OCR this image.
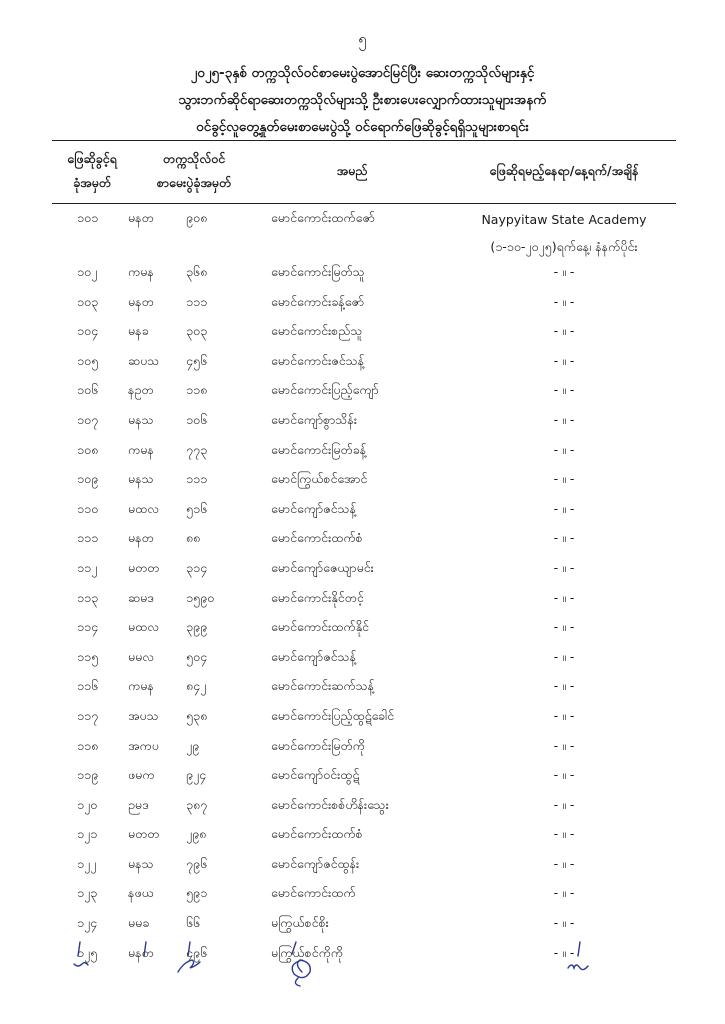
၅
၂၀၂၅-၃နှစ် တက္ကသိုလ်ဝင်စာမေးပွဲအောင်မြင်ပြီး ဆေးတက္ကသိုလ်များနှင့်
သွားဘက်ဆိုင်ရာဆေးတက္ကသိုလ်များသို့ ဦးစားပေးလျှောက်ထားသူများအနက်
ဝင်ခွင့်လူတွေ့နှုတ်မေးစာမေးပွဲသို့ ဝင်ရောက်ဖြေဆိုခွင့်ရရှိသူများစာရင်း
ဖြေဆိုခွင့်ရ
ခုံအမှတ်
တက္ကသိုလ်ဝင်
စာမေးပွဲခုံအမှတ်
အမည်	ဖြေဆိုရမည့်နေရာ/နေ့ရက်/အချိန်
၁၀၁	မနတ	၉၀၈	မောင်ကောင်းထက်ဇော်	Naypyitaw State Academy
(၁-၁၀-၂၀၂၅)ရက်နေ့၊ နံနက်ပိုင်း
၁၀၂	ကမန	၃၆၈	မောင်ကောင်းမြတ်သူ	- ။ -
၁၀၃	မနတ	၁၁၁	မောင်ကောင်းခန့်ဇော်	- ။ -
၁၀၄	မနခ	၃၀၃	မောင်ကောင်းစည်သူ	- ။ -
၁၀၅	ဆပသ	၄၅၆	မောင်ကောင်းဇင်သန့်	- ။ -
၁၀၆	နဥတ	၁၁၈	မောင်ကောင်းပြည့်ကျော်	- ။ -
၁၀၇	မနသ	၁၀၆	မောင်ကျော်စွာသိန်း	- ။ -
၁၀၈	ကမန	၇၇၃	မောင်ကောင်းမြတ်ခန့်	- ။ -
၁၀၉	မနသ	၁၁၁	မောင်ကြွယ်စင်အောင်	- ။ -
၁၁၀	မထလ	၅၁၆	မောင်ကျော်ဇင်သန့်	- ။ -
၁၁၁	မနတ	၈၈	မောင်ကောင်းထက်စံ	- ။ -
၁၁၂	မတတ	၃၁၄	မောင်ကျော်ဇေယျာမင်း	- ။ -
၁၁၃	ဆမဒ	၁၅၉၀	မောင်ကောင်းနိုင်တင့်	- ။ -
၁၁၄	မထလ	၃၉၉	မောင်ကောင်းထက်နိုင်	- ။ -
၁၁၅	မမလ	၅၀၄	မောင်ကျော်ဇင်သန့်	- ။ -
၁၁၆	ကမန	၈၄၂	မောင်ကောင်းဆက်သန့်	- ။ -
၁၁၇	အပသ	၅၃၈	မောင်ကောင်းပြည့်ထွဋ်ခေါင်	- ။ -
၁၁၈	အကပ	၂၉	မောင်ကောင်းမြတ်ကို	- ။ -
၁၁၉	ဖမက	၉၂၄	မောင်ကျော်ဝင်းထွဋ်	- ။ -
၁၂၀	ဉမဒ	၃၈၇	မောင်ကောင်းစစ်ဟိန်းသွေး	- ။ -
၁၂၁	မတတ	၂၉၈	မောင်ကောင်းထက်စံ	- ။ -
၁၂၂	မနသ	၇၉၆	မောင်ကျော်ဇင်ထွန်း	- ။ -
၁၂၃	နဖယ	၅၉၁	မောင်ကောင်းထက်	- ။ -
၁၂၄	မမခ	၆၆	မကြွယ်စင်စိုး	- ။ -
၁၂၅	မနတ	၄၉၆	မကြွယ်စင်ကိုကို	- ။ -
